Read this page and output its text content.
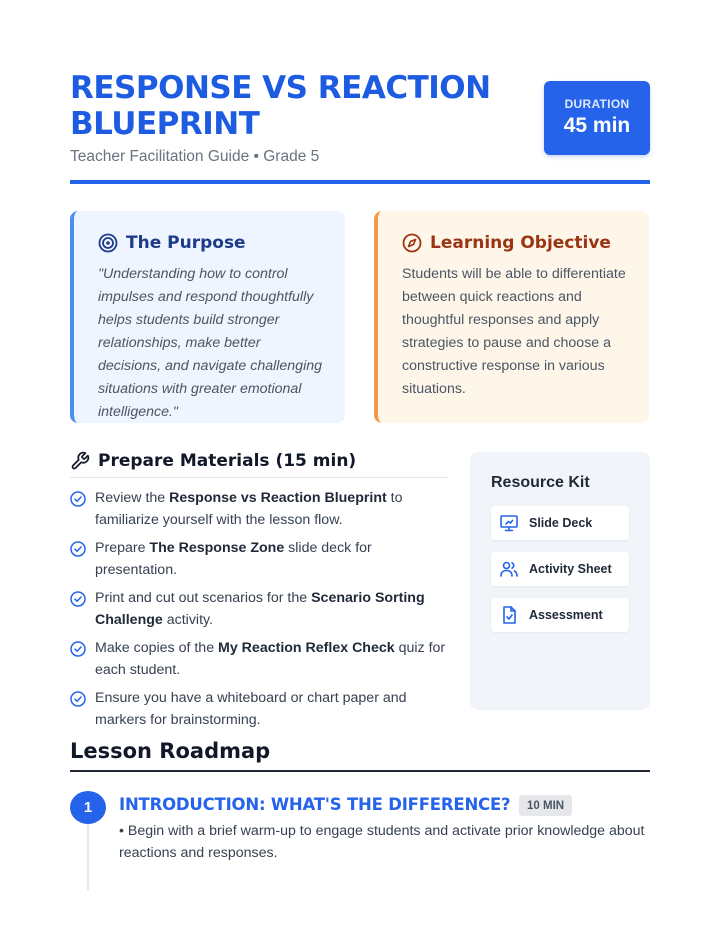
RESPONSE VS REACTION BLUEPRINT
Teacher Facilitation Guide • Grade 5
DURATION
45 min
The Purpose

"Understanding how to control impulses and respond thoughtfully helps students build stronger relationships, make better decisions, and navigate challenging situations with greater emotional intelligence."

Learning Objective

Students will be able to differentiate between quick reactions and thoughtful responses and apply strategies to pause and choose a constructive response in various situations.

Prepare Materials (15 min)
Review the Response vs Reaction Blueprint to familiarize yourself with the lesson flow.
Prepare The Response Zone slide deck for presentation.
Print and cut out scenarios for the Scenario Sorting Challenge activity.
Make copies of the My Reaction Reflex Check quiz for each student.
Ensure you have a whiteboard or chart paper and markers for brainstorming.
Resource Kit
Slide Deck
Activity Sheet
Assessment
Lesson Roadmap
1	INTRODUCTION: WHAT'S THE DIFFERENCE?	10 MIN
• Begin with a brief warm-up to engage students and activate prior knowledge about reactions and responses.
